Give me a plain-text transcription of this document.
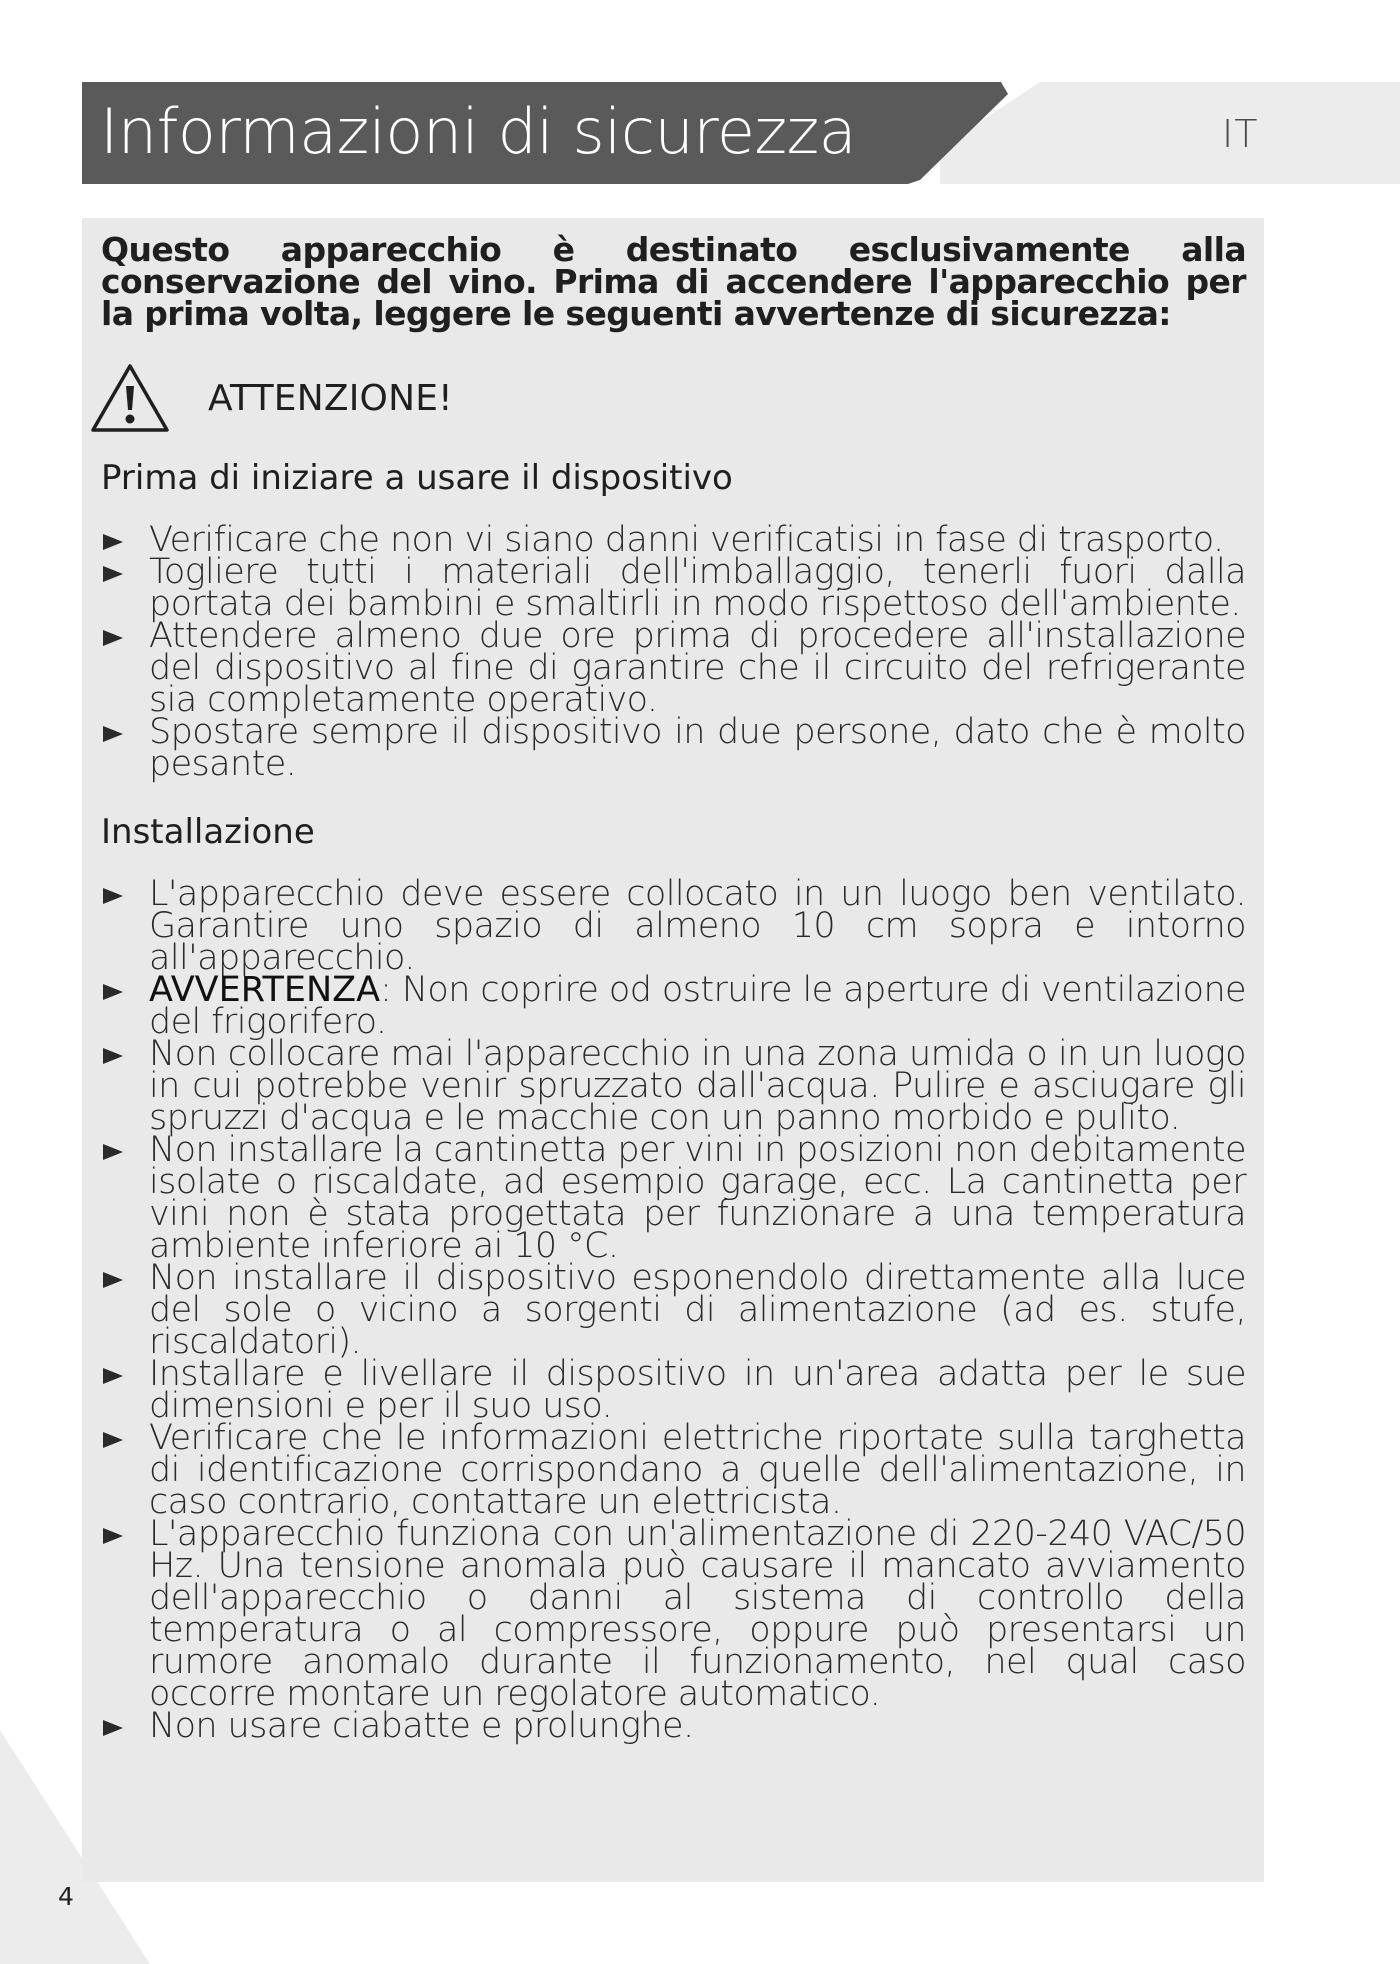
IT
Informazioni di sicurezza
4

Questo apparecchio è destinato esclusivamente alla conservazione del vino. Prima di accendere l'apparecchio per la prima volta, leggere le seguenti avvertenze di sicurezza:

ATTENZIONE!
Prima di iniziare a usare il dispositivo
Verificare che non vi siano danni verificatisi in fase di trasporto.
Togliere tutti i materiali dell'imballaggio, tenerli fuori dalla portata dei bambini e smaltirli in modo rispettoso dell'ambiente.
Attendere almeno due ore prima di procedere all'installazione del dispositivo al fine di garantire che il circuito del refrigerante sia completamente operativo.
Spostare sempre il dispositivo in due persone, dato che è molto pesante.
Installazione
L'apparecchio deve essere collocato in un luogo ben ventilato. Garantire uno spazio di almeno 10 cm sopra e intorno all'apparecchio.
AVVERTENZA: Non coprire od ostruire le aperture di ventilazione del frigorifero.
Non collocare mai l'apparecchio in una zona umida o in un luogo in cui potrebbe venir spruzzato dall'acqua. Pulire e asciugare gli spruzzi d'acqua e le macchie con un panno morbido e pulito.
Non installare la cantinetta per vini in posizioni non debitamente isolate o riscaldate, ad esempio garage, ecc. La cantinetta per vini non è stata progettata per funzionare a una temperatura ambiente inferiore ai 10 °C.
Non installare il dispositivo esponendolo direttamente alla luce del sole o vicino a sorgenti di alimentazione (ad es. stufe, riscaldatori).
Installare e livellare il dispositivo in un'area adatta per le sue dimensioni e per il suo uso.
Verificare che le informazioni elettriche riportate sulla targhetta di identificazione corrispondano a quelle dell'alimentazione, in caso contrario, contattare un elettricista.
L'apparecchio funziona con un'alimentazione di 220-240 VAC/50 Hz. Una tensione anomala può causare il mancato avviamento dell'apparecchio o danni al sistema di controllo della temperatura o al compressore, oppure può presentarsi un rumore anomalo durante il funzionamento, nel qual caso occorre montare un regolatore automatico.
Non usare ciabatte e prolunghe.
